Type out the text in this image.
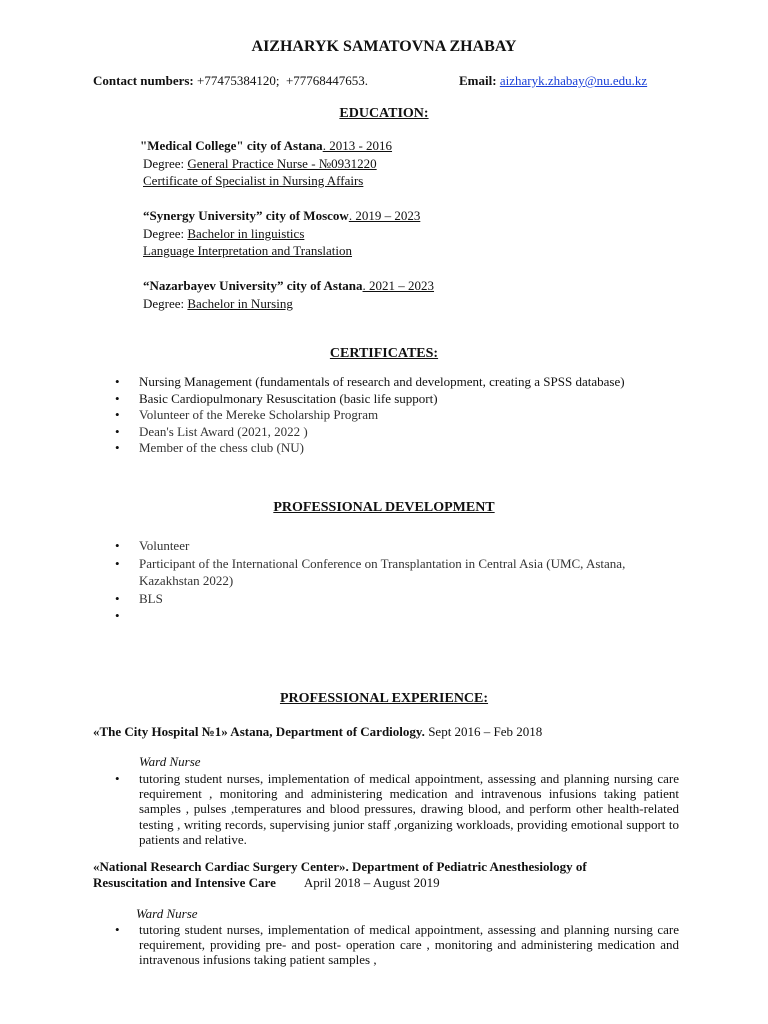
AIZHARYK SAMATOVNA ZHABAY
Contact numbers: +77475384120;  +77768447653.	Email: aizharyk.zhabay@nu.edu.kz
EDUCATION:
"Medical College" city of Astana. 2013 - 2016
Degree: General Practice Nurse - №0931220
Certificate of Specialist in Nursing Affairs
“Synergy University” city of Moscow. 2019 – 2023
Degree: Bachelor in linguistics
Language Interpretation and Translation
“Nazarbayev University” city of Astana. 2021 – 2023
Degree: Bachelor in Nursing
CERTIFICATES:
• Nursing Management (fundamentals of research and development, creating a SPSS database)
• Basic Cardiopulmonary Resuscitation (basic life support)
• Volunteer of the Mereke Scholarship Program
• Dean's List Award (2021, 2022 )
• Member of the chess club (NU)
PROFESSIONAL DEVELOPMENT
• Volunteer
• Participant of the International Conference on Transplantation in Central Asia (UMC, Astana, Kazakhstan 2022)
• BLS
•
PROFESSIONAL EXPERIENCE:
«The City Hospital №1» Astana, Department of Cardiology. Sept 2016 – Feb 2018
Ward Nurse
• tutoring student nurses, implementation of medical appointment, assessing and planning nursing care requirement , monitoring and administering medication and intravenous infusions taking patient samples , pulses ,temperatures and blood pressures, drawing blood, and perform other health-related testing , writing records, supervising junior staff ,organizing workloads, providing emotional support to patients and relative.
«National Research Cardiac Surgery Center». Department of Pediatric Anesthesiology of Resuscitation and Intensive Care April 2018 – August 2019
Ward Nurse
• tutoring student nurses, implementation of medical appointment, assessing and planning nursing care requirement, providing pre- and post- operation care , monitoring and administering medication and intravenous infusions taking patient samples ,
